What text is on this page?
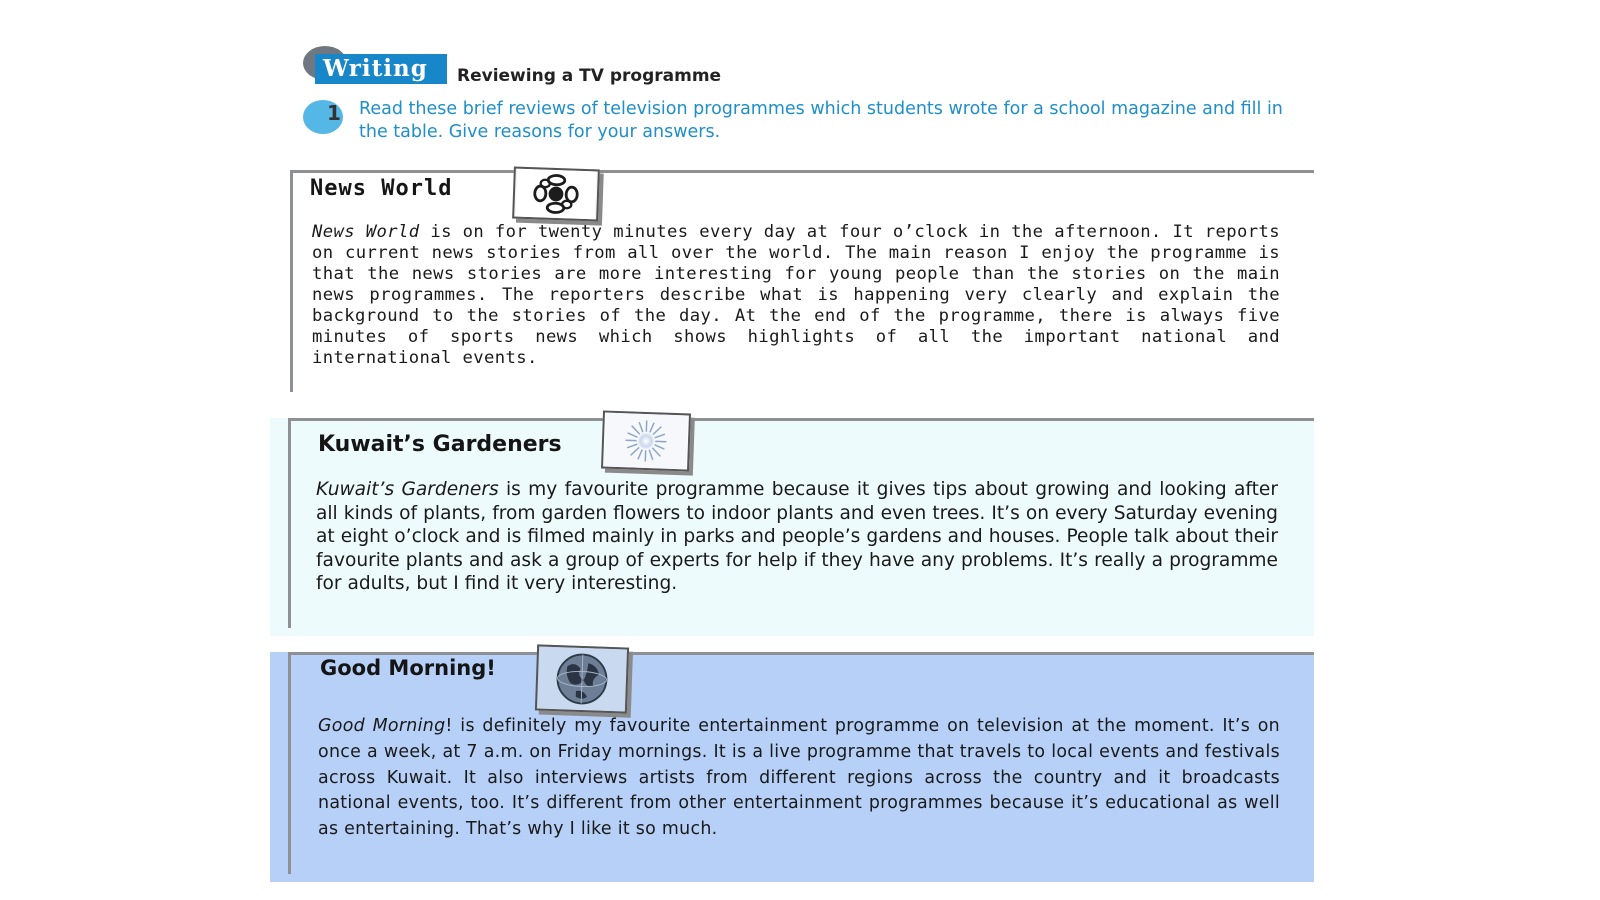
Writing	Reviewing a TV programme
1	Read these brief reviews of television programmes which students wrote for a school magazine and fill in the table. Give reasons for your answers.
News World
News World is on for twenty minutes every day at four o’clock in the afternoon. It reports on current news stories from all over the world. The main reason I enjoy the programme is that the news stories are more interesting for young people than the stories on the main news programmes. The reporters describe what is happening very clearly and explain the background to the stories of the day. At the end of the programme, there is always five minutes of sports news which shows highlights of all the important national and international events.
Kuwait’s Gardeners
Kuwait’s Gardeners is my favourite programme because it gives tips about growing and looking after all kinds of plants, from garden flowers to indoor plants and even trees. It’s on every Saturday evening at eight o’clock and is filmed mainly in parks and people’s gardens and houses. People talk about their favourite plants and ask a group of experts for help if they have any problems. It’s really a programme for adults, but I find it very interesting.
Good Morning!
Good Morning! is definitely my favourite entertainment programme on television at the moment. It’s on once a week, at 7 a.m. on Friday mornings. It is a live programme that travels to local events and festivals across Kuwait. It also interviews artists from different regions across the country and it broadcasts national events, too. It’s different from other entertainment programmes because it’s educational as well as entertaining. That’s why I like it so much.
